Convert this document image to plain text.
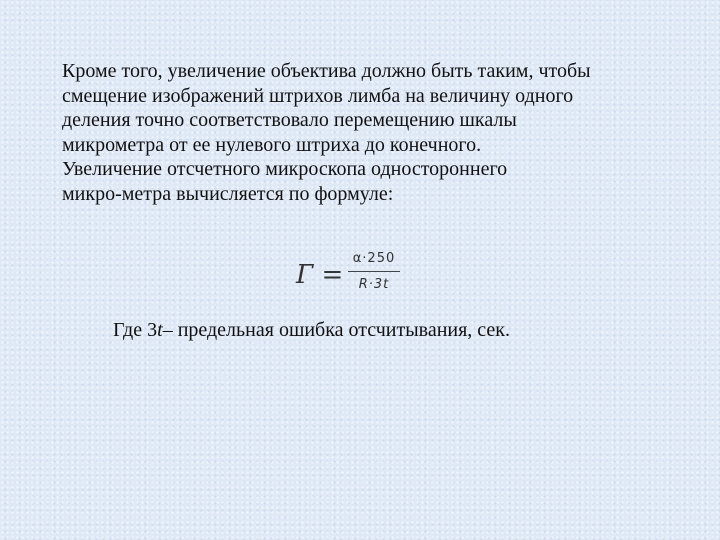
Кроме того, увеличение объектива должно быть таким, чтобы
смещение изображений штрихов лимба на величину одного
деления точно соответствовало перемещению шкалы
микрометра от ее нулевого штриха до конечного.
Увеличение отсчетного микроскопа одностороннего
микро-метра вычисляется по формуле:
Г =
α·250
R·3t
Где 3t– предельная ошибка отсчитывания, сек.
